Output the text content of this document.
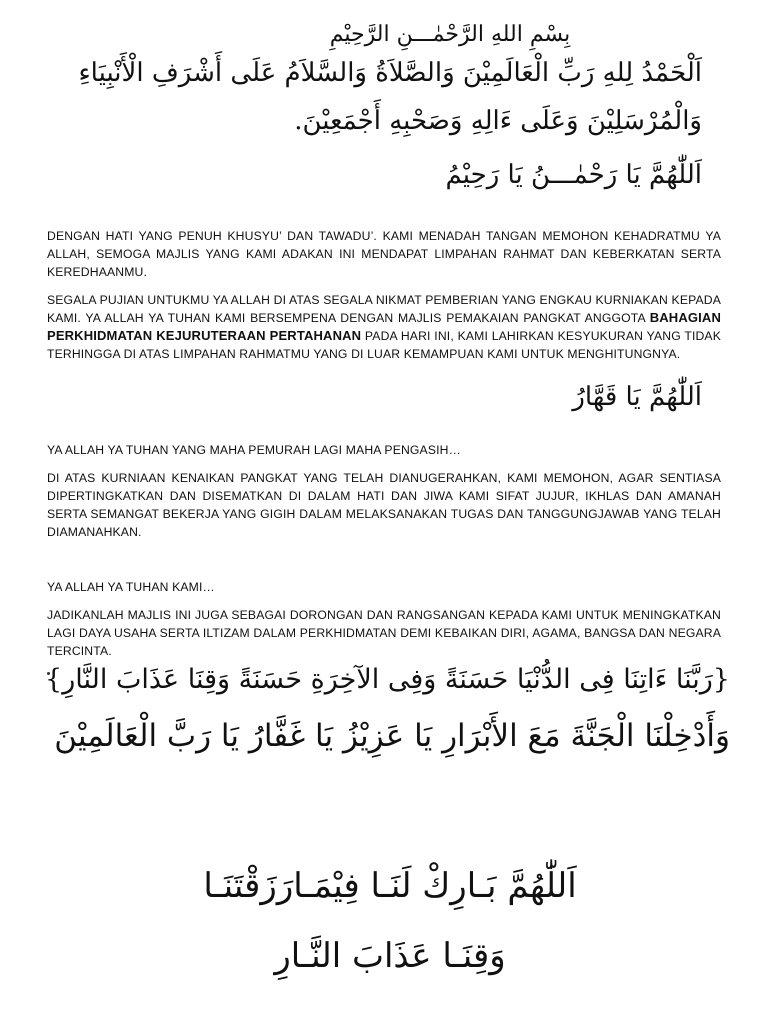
بِسْمِ اللهِ الرَّحْمٰـــنِ الرَّحِيْمِ
اَلْحَمْدُ لِلهِ رَبِّ الْعَالَمِيْنَ وَالصَّلاَةُ وَالسَّلاَمُ عَلَى أَشْرَفِ الْأَنْبِيَاءِ
وَالْمُرْسَلِيْنَ وَعَلَى ءَالِهِ وَصَحْبِهِ أَجْمَعِيْنَ.
اَللّٰهُمَّ يَا رَحْمٰـــنُ يَا رَحِيْمُ

DENGAN HATI YANG PENUH KHUSYU’ DAN TAWADU’. KAMI MENADAH TANGAN MEMOHON KEHADRATMU YA ALLAH, SEMOGA MAJLIS YANG KAMI ADAKAN INI MENDAPAT LIMPAHAN RAHMAT DAN KEBERKATAN SERTA KEREDHAANMU.

SEGALA PUJIAN UNTUKMU YA ALLAH DI ATAS SEGALA NIKMAT PEMBERIAN YANG ENGKAU KURNIAKAN KEPADA KAMI. YA ALLAH YA TUHAN KAMI BERSEMPENA DENGAN MAJLIS PEMAKAIAN PANGKAT ANGGOTA BAHAGIAN PERKHIDMATAN KEJURUTERAAN PERTAHANAN PADA HARI INI, KAMI LAHIRKAN KESYUKURAN YANG TIDAK TERHINGGA DI ATAS LIMPAHAN RAHMATMU YANG DI LUAR KEMAMPUAN KAMI UNTUK MENGHITUNGNYA.

اَللّٰهُمَّ يَا قَهَّارُ

YA ALLAH YA TUHAN YANG MAHA PEMURAH LAGI MAHA PENGASIH…

DI ATAS KURNIAAN KENAIKAN PANGKAT YANG TELAH DIANUGERAHKAN, KAMI MEMOHON, AGAR SENTIASA DIPERTINGKATKAN DAN DISEMATKAN DI DALAM HATI DAN JIWA KAMI SIFAT JUJUR, IKHLAS DAN AMANAH SERTA SEMANGAT BEKERJA YANG GIGIH DALAM MELAKSANAKAN TUGAS DAN TANGGUNGJAWAB YANG TELAH DIAMANAHKAN.

YA ALLAH YA TUHAN KAMI…

JADIKANLAH MAJLIS INI JUGA SEBAGAI DORONGAN DAN RANGSANGAN KEPADA KAMI UNTUK MENINGKATKAN LAGI DAYA USAHA SERTA ILTIZAM DALAM PERKHIDMATAN DEMI KEBAIKAN DIRI, AGAMA, BANGSA DAN NEGARA TERCINTA.

{رَبَّنَا ءَاتِنَا فِى الدُّنْيَا حَسَنَةً وَفِى الآخِرَةِ حَسَنَةً وَقِنَا عَذَابَ النَّارِ}
وَأَدْخِلْنَا الْجَنَّةَ مَعَ الأَبْرَارِ يَا عَزِيْزُ يَا غَفَّارُ يَا رَبَّ الْعَالَمِيْنَ
اَللّٰهُمَّ بَـارِكْ لَنَـا فِيْمَـارَزَقْتَنَـا
وَقِنَـا عَذَابَ النَّـارِ
